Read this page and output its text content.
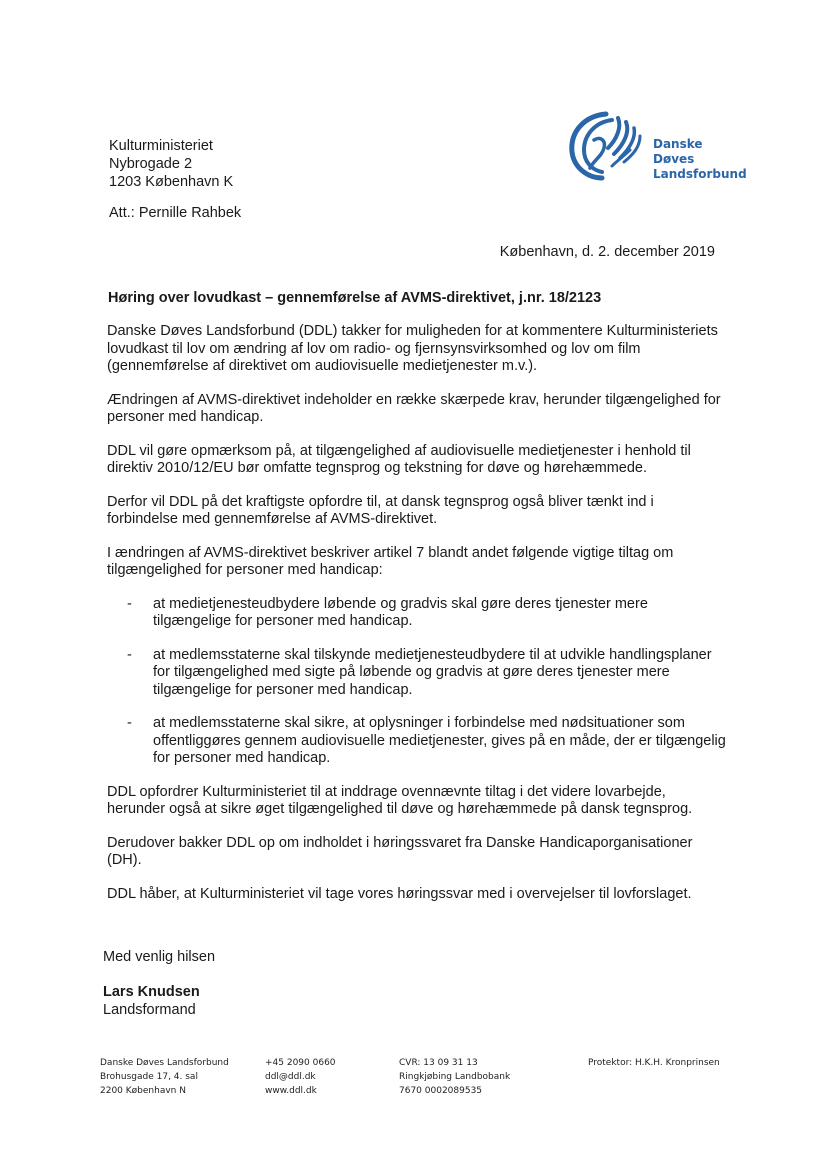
Kulturministeriet
Nybrogade 2
1203 København K
Att.: Pernille Rahbek
Danske
Døves
Landsforbund
København, d. 2. december 2019
Høring over lovudkast – gennemførelse af AVMS-direktivet, j.nr. 18/2123

Danske Døves Landsforbund (DDL) takker for muligheden for at kommentere Kulturministeriets lovudkast til lov om ændring af lov om radio- og fjernsynsvirksomhed og lov om film (gennemførelse af direktivet om audiovisuelle medietjenester m.v.).

Ændringen af AVMS-direktivet indeholder en række skærpede krav, herunder tilgængelighed for personer med handicap.

DDL vil gøre opmærksom på, at tilgængelighed af audiovisuelle medietjenester i henhold til direktiv 2010/12/EU bør omfatte tegnsprog og tekstning for døve og hørehæmmede.

Derfor vil DDL på det kraftigste opfordre til, at dansk tegnsprog også bliver tænkt ind i forbindelse med gennemførelse af AVMS-direktivet.

I ændringen af AVMS-direktivet beskriver artikel 7 blandt andet følgende vigtige tiltag om tilgængelighed for personer med handicap:

- at medietjenesteudbydere løbende og gradvis skal gøre deres tjenester mere tilgængelige for personer med handicap.
- at medlemsstaterne skal tilskynde medietjenesteudbydere til at udvikle handlingsplaner for tilgængelighed med sigte på løbende og gradvis at gøre deres tjenester mere tilgængelige for personer med handicap.
- at medlemsstaterne skal sikre, at oplysninger i forbindelse med nødsituationer som offentliggøres gennem audiovisuelle medietjenester, gives på en måde, der er tilgængelig for personer med handicap.

DDL opfordrer Kulturministeriet til at inddrage ovennævnte tiltag i det videre lovarbejde, herunder også at sikre øget tilgængelighed til døve og hørehæmmede på dansk tegnsprog.

Derudover bakker DDL op om indholdet i høringssvaret fra Danske Handicaporganisationer (DH).

DDL håber, at Kulturministeriet vil tage vores høringssvar med i overvejelser til lovforslaget.

Med venlig hilsen
Lars Knudsen
Landsformand
Danske Døves Landsforbund
Brohusgade 17, 4. sal
2200 København N
+45 2090 0660
ddl@ddl.dk
www.ddl.dk
CVR: 13 09 31 13
Ringkjøbing Landbobank
7670 0002089535
Protektor: H.K.H. Kronprinsen
